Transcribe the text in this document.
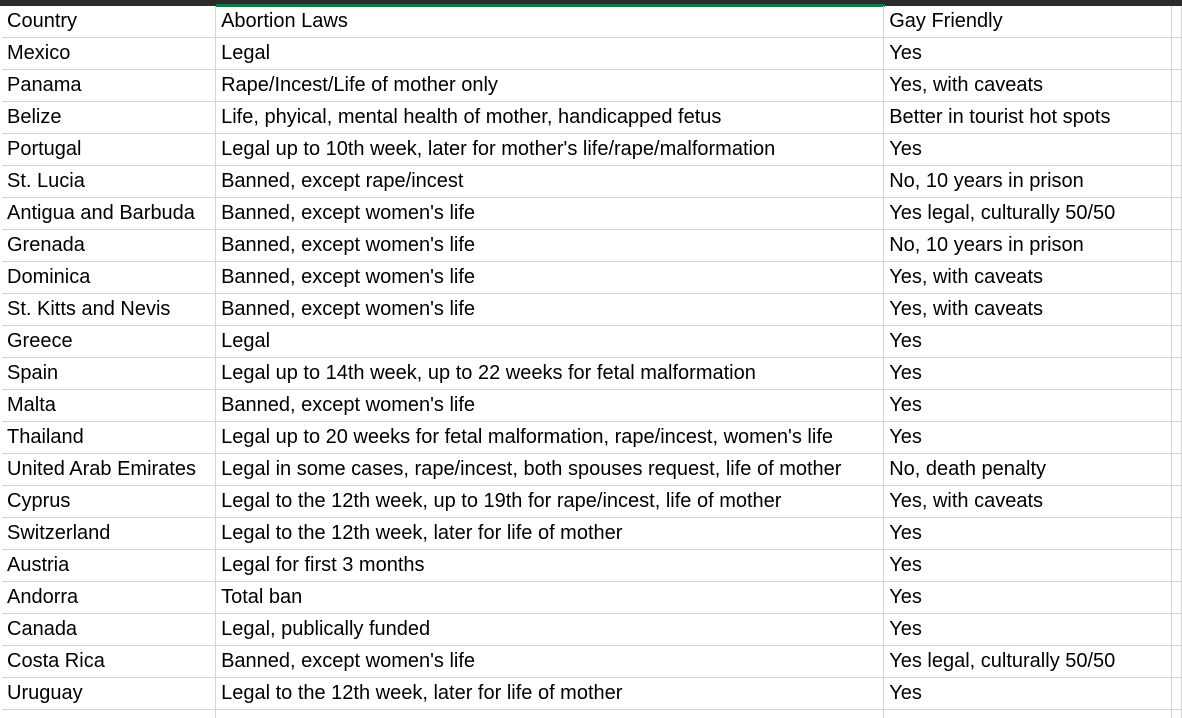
Country	Abortion Laws	Gay Friendly	
Mexico	Legal	Yes	
Panama	Rape/Incest/Life of mother only	Yes, with caveats	
Belize	Life, phyical, mental health of mother, handicapped fetus	Better in tourist hot spots	
Portugal	Legal up to 10th week, later for mother's life/rape/malformation	Yes	
St. Lucia	Banned, except rape/incest	No, 10 years in prison	
Antigua and Barbuda	Banned, except women's life	Yes legal, culturally 50/50	
Grenada	Banned, except women's life	No, 10 years in prison	
Dominica	Banned, except women's life	Yes, with caveats	
St. Kitts and Nevis	Banned, except women's life	Yes, with caveats	
Greece	Legal	Yes	
Spain	Legal up to 14th week, up to 22 weeks for fetal malformation	Yes	
Malta	Banned, except women's life	Yes	
Thailand	Legal up to 20 weeks for fetal malformation, rape/incest, women's life	Yes	
United Arab Emirates	Legal in some cases, rape/incest, both spouses request, life of mother	No, death penalty	
Cyprus	Legal to the 12th week, up to 19th for rape/incest, life of mother	Yes, with caveats	
Switzerland	Legal to the 12th week, later for life of mother	Yes	
Austria	Legal for first 3 months	Yes	
Andorra	Total ban	Yes	
Canada	Legal, publically funded	Yes	
Costa Rica	Banned, except women's life	Yes legal, culturally 50/50	
Uruguay	Legal to the 12th week, later for life of mother	Yes	
